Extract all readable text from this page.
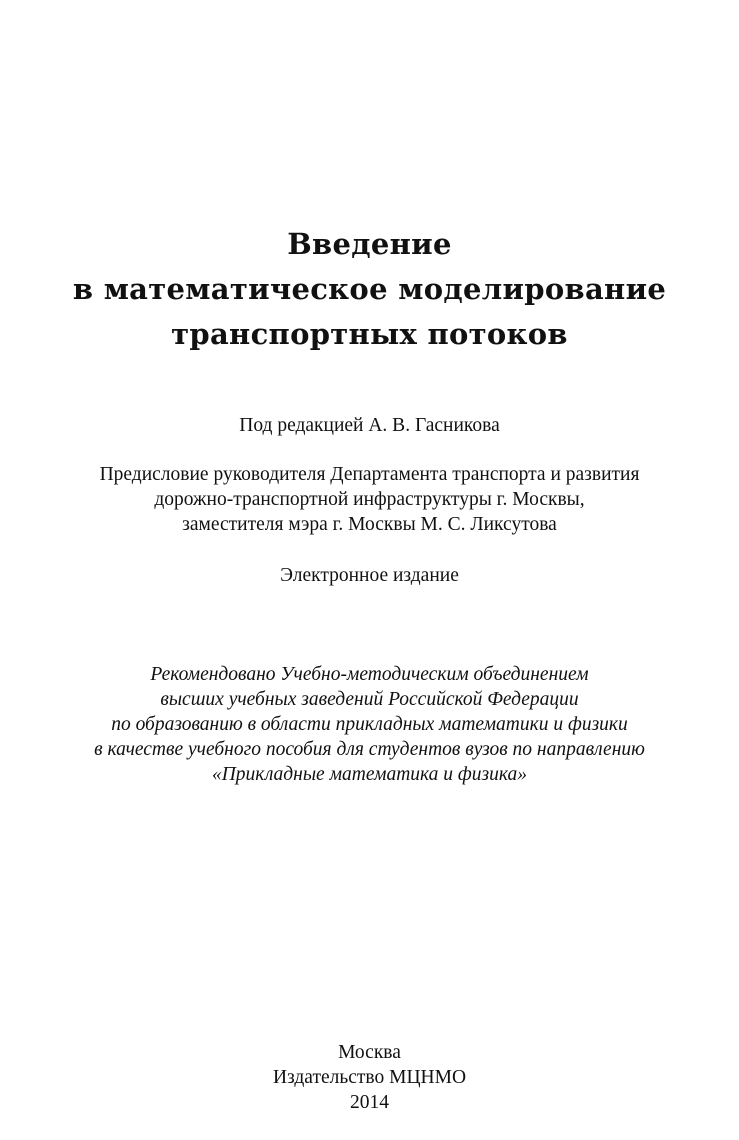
Введение
в математическое моделирование
транспортных потоков
Под редакцией А. В. Гасникова
Предисловие руководителя Департамента транспорта и развития
дорожно-транспортной инфраструктуры г. Москвы,
заместителя мэра г. Москвы М. С. Ликсутова
Электронное издание
Рекомендовано Учебно-методическим объединением
высших учебных заведений Российской Федерации
по образованию в области прикладных математики и физики
в качестве учебного пособия для студентов вузов по направлению
«Прикладные математика и физика»
Москва
Издательство МЦНМО
2014
